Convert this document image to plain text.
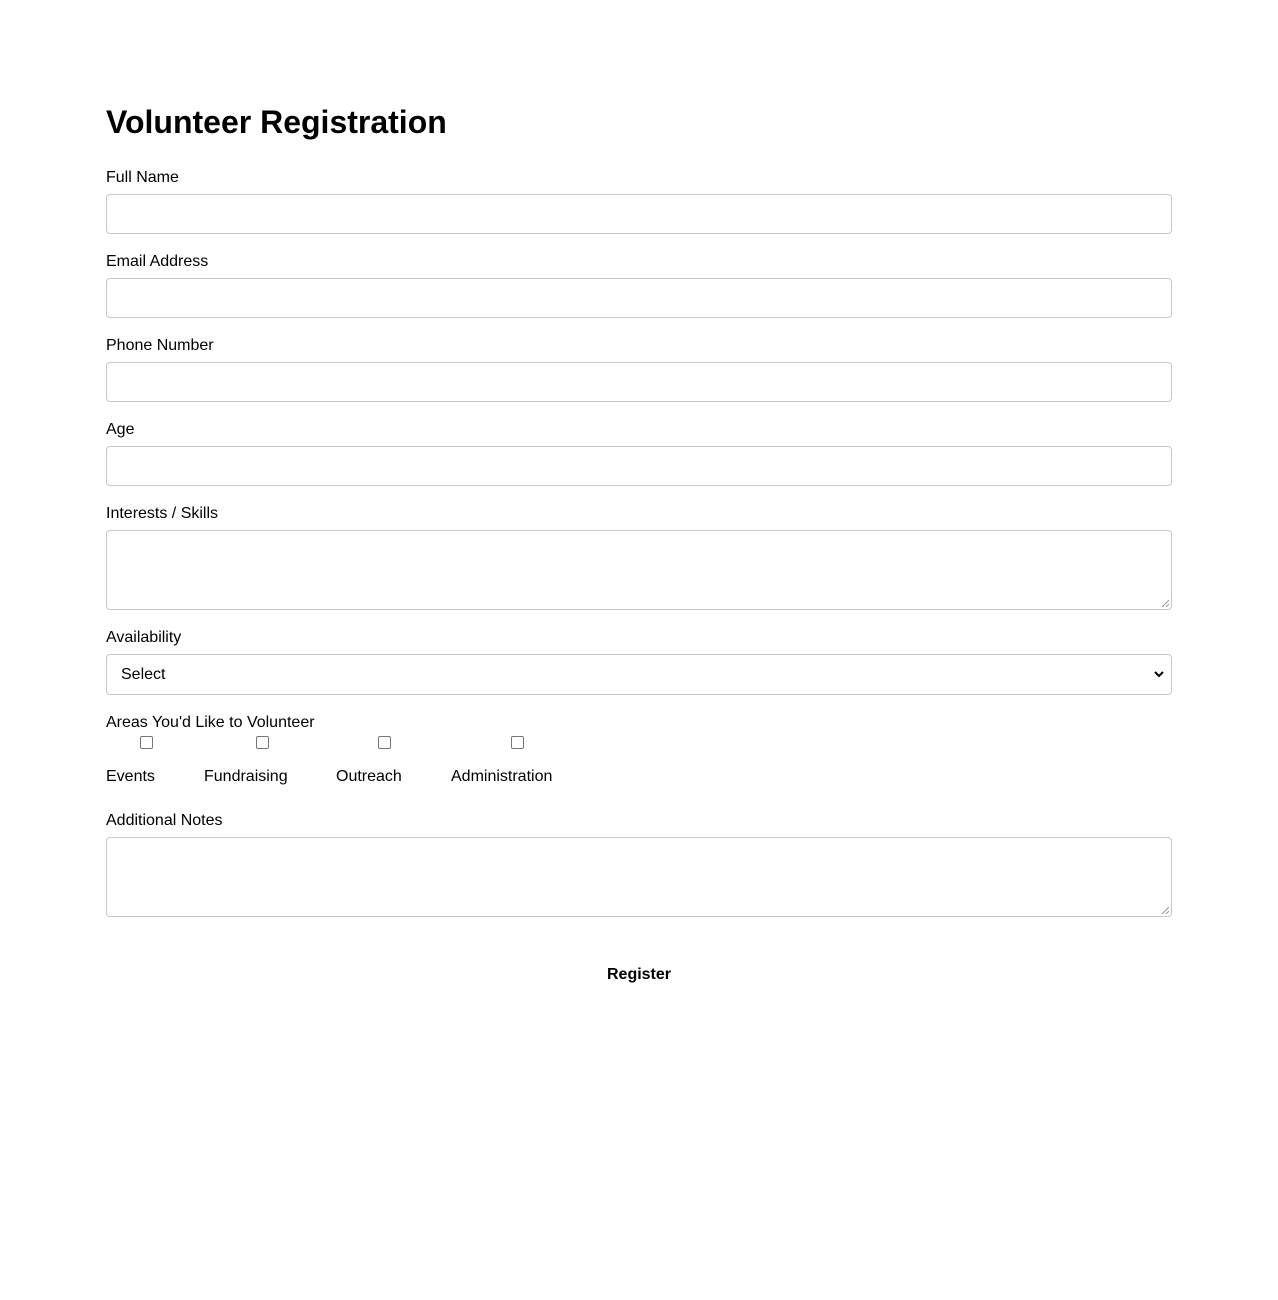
Volunteer Registration
Full Name
Email Address
Phone Number
Age
Interests / Skills
Availability
Select
Areas You'd Like to Volunteer
Events	Fundraising	Outreach	Administration
Additional Notes
Register
